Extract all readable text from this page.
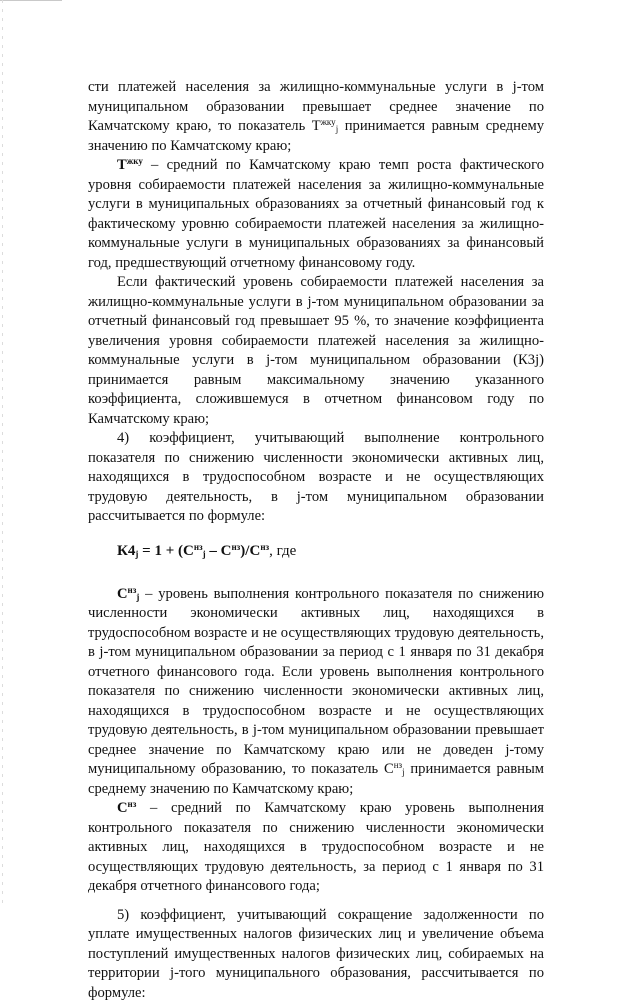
сти платежей населения за жилищно-коммунальные услуги в j-том муниципальном образовании превышает среднее значение по Камчатскому краю, то показатель $Т^{жку}_j$ принимается равным среднему значению по Камчатскому краю;

$Т^{жку}$ – средний по Камчатскому краю темп роста фактического уровня собираемости платежей населения за жилищно-коммунальные услуги в муниципальных образованиях за отчетный финансовый год к фактическому уровню собираемости платежей населения за жилищно-коммунальные услуги в муниципальных образованиях за финансовый год, предшествующий отчетному финансовому году.

Если фактический уровень собираемости платежей населения за жилищно-коммунальные услуги в j-том муниципальном образовании за отчетный финансовый год превышает 95 %, то значение коэффициента увеличения уровня собираемости платежей населения за жилищно-коммунальные услуги в j-том муниципальном образовании (К3j) принимается равным максимальному значению указанного коэффициента, сложившемуся в отчетном финансовом году по Камчатскому краю;

4) коэффициент, учитывающий выполнение контрольного показателя по снижению численности экономически активных лиц, находящихся в трудоспособном возрасте и не осуществляющих трудовую деятельность, в j-том муниципальном образовании рассчитывается по формуле:

$К4_j = 1 + (С^{нз}_j - С^{нз})/С^{нз}$, где

$С^{нз}_j$ – уровень выполнения контрольного показателя по снижению численности экономически активных лиц, находящихся в трудоспособном возрасте и не осуществляющих трудовую деятельность, в j-том муниципальном образовании за период с 1 января по 31 декабря отчетного финансового года. Если уровень выполнения контрольного показателя по снижению численности экономически активных лиц, находящихся в трудоспособном возрасте и не осуществляющих трудовую деятельность, в j-том муниципальном образовании превышает среднее значение по Камчатскому краю или не доведен j-тому муниципальному образованию, то показатель $С^{нз}_j$ принимается равным среднему значению по Камчатскому краю;

$С^{нз}$ – средний по Камчатскому краю уровень выполнения контрольного показателя по снижению численности экономически активных лиц, находящихся в трудоспособном возрасте и не осуществляющих трудовую деятельность, за период с 1 января по 31 декабря отчетного финансового года;

5) коэффициент, учитывающий сокращение задолженности по уплате имущественных налогов физических лиц и увеличение объема поступлений имущественных налогов физических лиц, собираемых на территории j-того муниципального образования, рассчитывается по формуле:
